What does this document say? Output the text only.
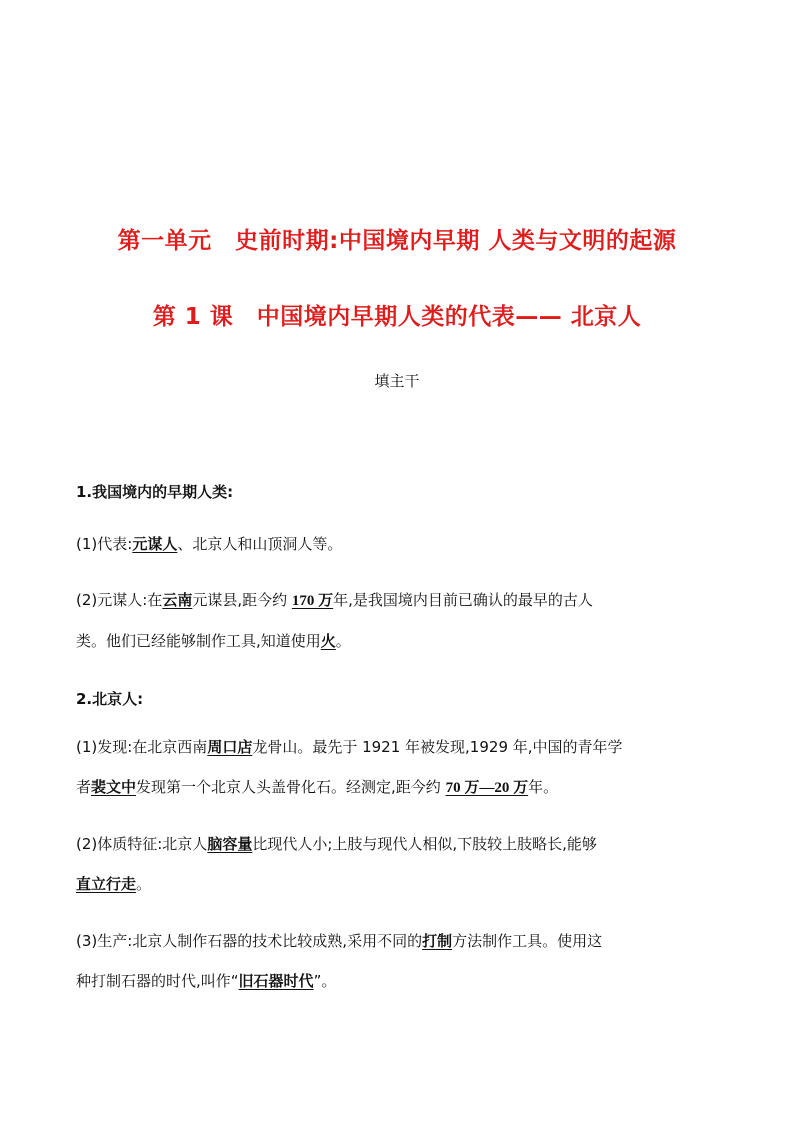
第一单元　史前时期:中国境内早期 人类与文明的起源
第 1 课　中国境内早期人类的代表—— 北京人
填主干
1.我国境内的早期人类:
(1)代表:元谋人、北京人和山顶洞人等。
(2)元谋人:在云南元谋县,距今约 170 万年,是我国境内目前已确认的最早的古人
类。他们已经能够制作工具,知道使用火。
2.北京人:
(1)发现:在北京西南周口店龙骨山。最先于 1921 年被发现,1929 年,中国的青年学
者裴文中发现第一个北京人头盖骨化石。经测定,距今约 70 万—20 万年。
(2)体质特征:北京人脑容量比现代人小;上肢与现代人相似,下肢较上肢略长,能够
直立行走。
(3)生产:北京人制作石器的技术比较成熟,采用不同的打制方法制作工具。使用这
种打制石器的时代,叫作“旧石器时代”。
